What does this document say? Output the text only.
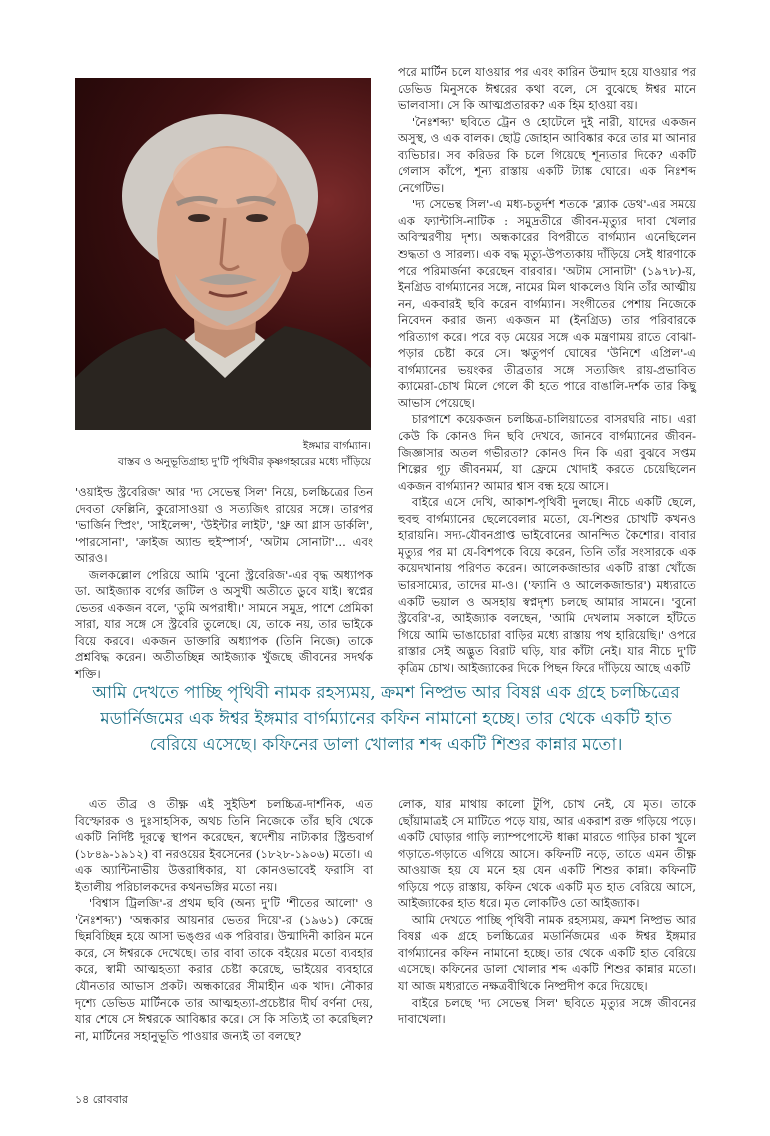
ইঙ্গমার বার্গম্যান।
বাস্তব ও অনুভূতিগ্রাহ্য দু'টি পৃথিবীর কৃষ্ণগহ্বরের মধ্যে দাঁড়িয়ে

পরে মার্টিন চলে যাওয়ার পর এবং কারিন উন্মাদ হয়ে যাওয়ার পর ডেভিড মিনুসকে ঈশ্বরের কথা বলে, সে বুঝেছে ঈশ্বর মানে ভালবাসা। সে কি আত্মপ্রতারক? এক হিম হাওয়া বয়।

'নৈঃশব্দ্য' ছবিতে ট্রেন ও হোটেলে দুই নারী, যাদের একজন অসুস্থ, ও এক বালক। ছোট্ট জোহান আবিষ্কার করে তার মা আনার ব্যভিচার। সব করিডর কি চলে গিয়েছে শূন্যতার দিকে? একটি গেলাস কাঁপে, শূন্য রাস্তায় একটি ট্যাঙ্ক ঘোরে। এক নিঃশব্দ নেগেটিভ।

'দ্য সেভেন্থ সিল'-এ মধ্য-চতুর্দশ শতকে 'ব্ল্যাক ডেথ'-এর সময়ে এক ফ্যান্টাসি-নাটিক : সমুদ্রতীরে জীবন-মৃত্যুর দাবা খেলার অবিস্মরণীয় দৃশ্য। অন্ধকারের বিপরীতে বার্গম্যান এনেছিলেন শুদ্ধতা ও সারল্য। এক বদ্ধ মৃত্যু-উপত্যকায় দাঁড়িয়ে সেই ধারণাকে পরে পরিমার্জনা করেছেন বারবার। 'অটাম সোনাটা' (১৯৭৮)-য়, ইনগ্রিড বার্গম্যানের সঙ্গে, নামের মিল থাকলেও যিনি তাঁর আত্মীয় নন, একবারই ছবি করেন বার্গম্যান। সংগীতের পেশায় নিজেকে নিবেদন করার জন্য একজন মা (ইনগ্রিড) তার পরিবারকে পরিত্যাগ করে। পরে বড় মেয়ের সঙ্গে এক মন্ত্রণাময় রাতে বোঝা-পড়ার চেষ্টা করে সে। ঋতুপর্ণ ঘোষের 'উনিশে এপ্রিল'-এ বার্গম্যানের ভয়ংকর তীব্রতার সঙ্গে সত্যজিৎ রায়-প্রভাবিত ক্যামেরা-চোখ মিলে গেলে কী হতে পারে বাঙালি-দর্শক তার কিছু আভাস পেয়েছে।

চারপাশে কয়েকজন চলচ্চিত্র-চালিয়াতের বাসরঘরি নাচ। এরা কেউ কি কোনও দিন ছবি দেখবে, জানবে বার্গম্যানের জীবন-জিজ্ঞাসার অতল গভীরতা? কোনও দিন কি এরা বুঝবে সপ্তম শিল্পের গূঢ় জীবনমর্ম, যা ফ্রেমে খোদাই করতে চেয়েছিলেন একজন বার্গম্যান? আমার শ্বাস বন্ধ হয়ে আসে।

বাইরে এসে দেখি, আকাশ-পৃথিবী দুলছে। নীচে একটি ছেলে, হুবহু বার্গম্যানের ছেলেবেলার মতো, যে-শিশুর চোখটি কখনও হারায়নি। সদ্য-যৌবনপ্রাপ্ত ভাইবোনের আনন্দিত কৈশোর। বাবার মৃত্যুর পর মা যে-বিশপকে বিয়ে করেন, তিনি তাঁর সংসারকে এক কয়েদখানায় পরিণত করেন। আলেকজান্ডার একটি রাস্তা খোঁজে ভারসাম্যের, তাদের মা-ও। ('ফ্যানি ও আলেকজান্ডার') মধ্যরাতে একটি ভয়াল ও অসহায় স্বপ্নদৃশ্য চলছে আমার সামনে। 'বুনো স্ট্রবেরি'-র, আইজ্যাক বলছেন, 'আমি দেখলাম সকালে হাঁটতে গিয়ে আমি ভাঙাচোরা বাড়ির মধ্যে রাস্তায় পথ হারিয়েছি।' ওপরে রাস্তার সেই অদ্ভুত বিরাট ঘড়ি, যার কাঁটা নেই। যার নীচে দু'টি কৃত্রিম চোখ। আইজ্যাকের দিকে পিছন ফিরে দাঁড়িয়ে আছে একটি

'ওয়াইল্ড স্ট্রবেরিজ' আর 'দ্য সেভেন্থ সিল' নিয়ে, চলচ্চিত্রের তিন দেবতা ফেল্লিনি, কুরোসাওয়া ও সত্যজিৎ রায়ের সঙ্গে। তারপর 'ভার্জিন স্প্রিং', 'সাইলেন্স', 'উইন্টার লাইট', 'থ্রু আ গ্লাস ডার্কলি', 'পারসোনা', 'ক্রাইজ অ্যান্ড হুইস্পার্স', 'অটাম সোনাটা'... এবং আরও।

জলকল্লোল পেরিয়ে আমি 'বুনো স্ট্রবেরিজ'-এর বৃদ্ধ অধ্যাপক ডা. আইজ্যাক বর্গের জটিল ও অসুখী অতীতে ডুবে যাই। স্বপ্নের ভেতর একজন বলে, 'তুমি অপরাধী।' সামনে সমুদ্র, পাশে প্রেমিকা সারা, যার সঙ্গে সে স্ট্রবেরি তুলেছে। যে, তাকে নয়, তার ভাইকে বিয়ে করবে। একজন ডাক্তারি অধ্যাপক (তিনি নিজে) তাকে প্রশ্নবিদ্ধ করেন। অতীতচ্ছিন্ন আইজ্যাক খুঁজছে জীবনের সদর্থক শক্তি।

আমি দেখতে পাচ্ছি পৃথিবী নামক রহস্যময়, ক্রমশ নিষ্প্রভ আর বিষণ্ণ এক গ্রহে চলচ্চিত্রের মডার্নিজমের এক ঈশ্বর ইঙ্গমার বার্গম্যানের কফিন নামানো হচ্ছে। তার থেকে একটি হাত বেরিয়ে এসেছে। কফিনের ডালা খোলার শব্দ একটি শিশুর কান্নার মতো।

এত তীব্র ও তীক্ষ্ণ এই সুইডিশ চলচ্চিত্র-দার্শনিক, এত বিস্ফোরক ও দুঃসাহসিক, অথচ তিনি নিজেকে তাঁর ছবি থেকে একটি নির্দিষ্ট দূরত্বে স্থাপন করেছেন, স্বদেশীয় নাট্যকার স্ট্রিন্ডবার্গ (১৮৪৯-১৯১২) বা নরওয়ের ইবসেনের (১৮২৮-১৯০৬) মতো। এ এক অ্যান্টিনাভীয় উত্তরাধিকার, যা কোনওভাবেই ফরাসি বা ইতালীয় পরিচালকদের কথনভঙ্গির মতো নয়।

'বিশ্বাস ট্রিলজি'-র প্রথম ছবি (অন্য দু'টি 'শীতের আলো' ও 'নৈঃশব্দ্য') 'অন্ধকার আয়নার ভেতর দিয়ে'-র (১৯৬১) কেন্দ্রে ছিন্নবিচ্ছিন্ন হয়ে আসা ভঙ্গুর এক পরিবার। উন্মাদিনী কারিন মনে করে, সে ঈশ্বরকে দেখেছে। তার বাবা তাকে বইয়ের মতো ব্যবহার করে, স্বামী আত্মহত্যা করার চেষ্টা করেছে, ভাইয়ের ব্যবহারে যৌনতার আভাস প্রকট। অন্ধকারের সীমাহীন এক খাদ। নৌকার দৃশ্যে ডেভিড মার্টিনকে তার আত্মহত্যা-প্রচেষ্টার দীর্ঘ বর্ণনা দেয়, যার শেষে সে ঈশ্বরকে আবিষ্কার করে। সে কি সত্যিই তা করেছিল? না, মার্টিনের সহানুভূতি পাওয়ার জন্যই তা বলছে?

লোক, যার মাথায় কালো টুপি, চোখ নেই, যে মৃত। তাকে ছোঁয়ামাত্রই সে মাটিতে পড়ে যায়, আর একরাশ রক্ত গড়িয়ে পড়ে। একটি ঘোড়ার গাড়ি ল্যাম্পপোস্টে ধাক্কা মারতে গাড়ির চাকা খুলে গড়াতে-গড়াতে এগিয়ে আসে। কফিনটি নড়ে, তাতে এমন তীক্ষ্ণ আওয়াজ হয় যে মনে হয় যেন একটি শিশুর কান্না। কফিনটি গড়িয়ে পড়ে রাস্তায়, কফিন থেকে একটি মৃত হাত বেরিয়ে আসে, আইজ্যাকের হাত ধরে। মৃত লোকটিও তো আইজ্যাক।

আমি দেখতে পাচ্ছি পৃথিবী নামক রহস্যময়, ক্রমশ নিষ্প্রভ আর বিষণ্ণ এক গ্রহে চলচ্চিত্রের মডার্নিজমের এক ঈশ্বর ইঙ্গমার বার্গম্যানের কফিন নামানো হচ্ছে। তার থেকে একটি হাত বেরিয়ে এসেছে। কফিনের ডালা খোলার শব্দ একটি শিশুর কান্নার মতো। যা আজ মধ্যরাতে নক্ষত্রবীথিকে নিষ্প্রদীপ করে দিয়েছে।

বাইরে চলছে 'দ্য সেভেন্থ সিল' ছবিতে মৃত্যুর সঙ্গে জীবনের দাবাখেলা।

১৪ রোববার
